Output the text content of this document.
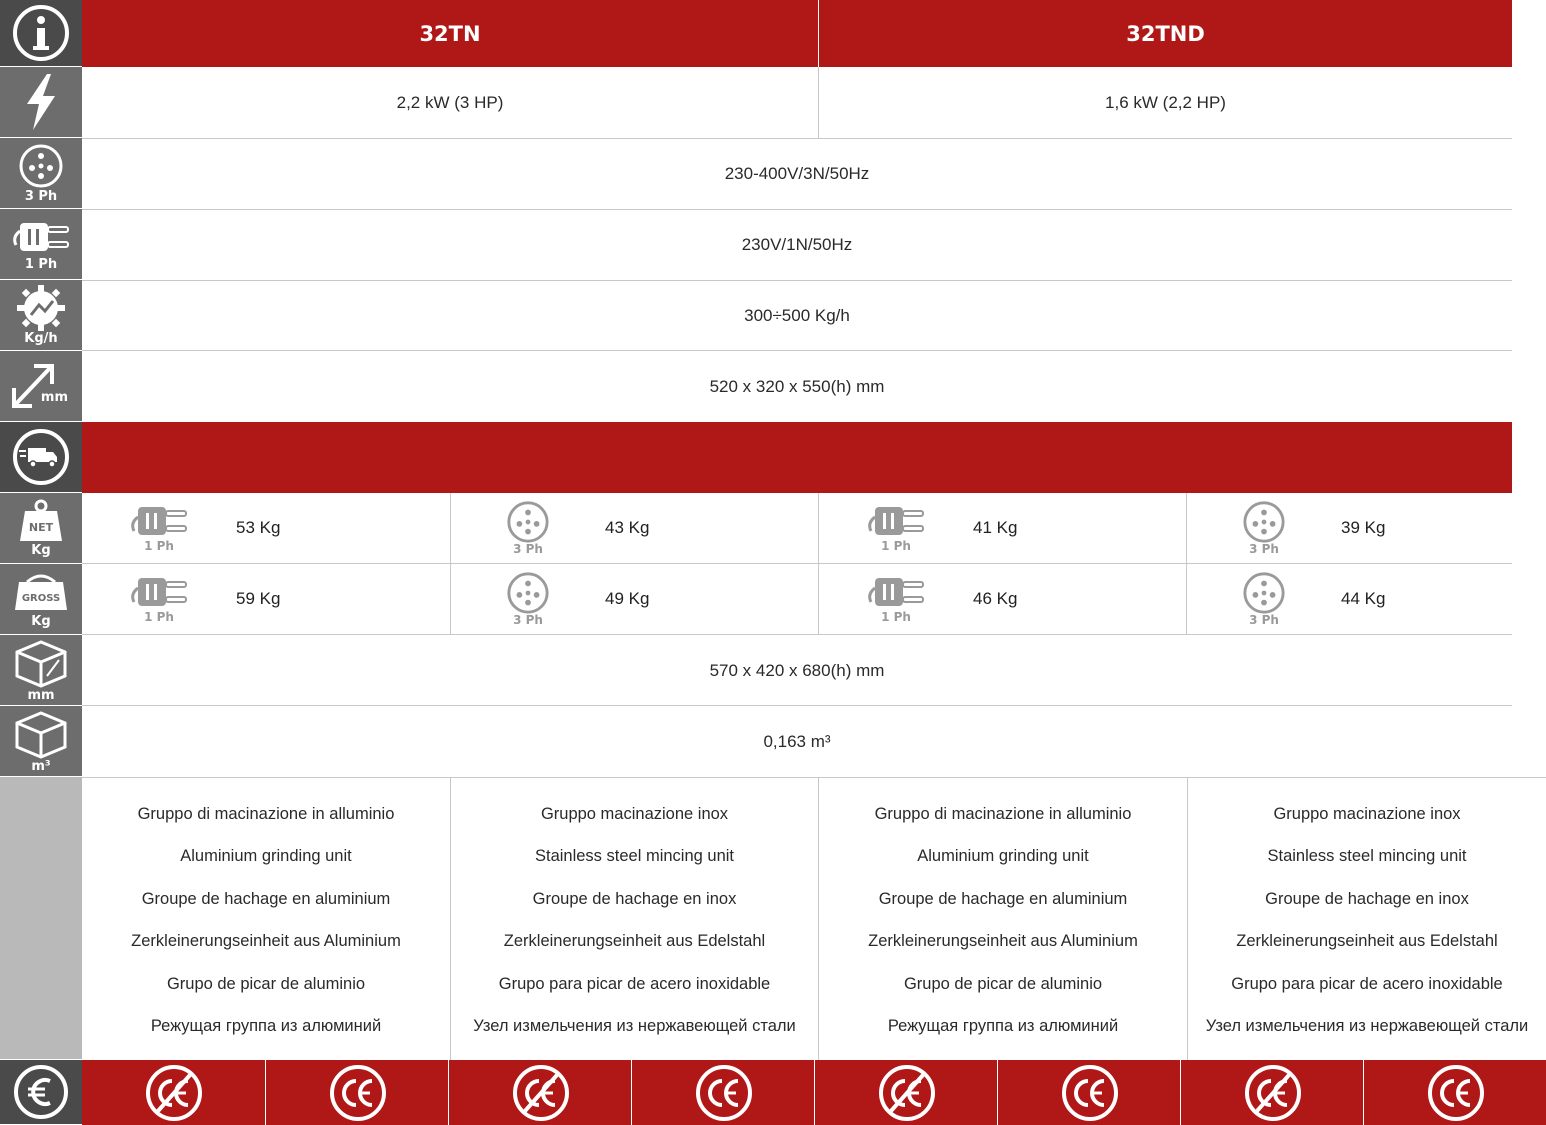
3 Ph
1 Ph
Kg/h
mm
NET
Kg
GROSS
Kg
mm
m³
32TN	32TND
2,2 kW (3 HP)	1,6 kW (2,2 HP)
230-400V/3N/50Hz
230V/1N/50Hz
300÷500 Kg/h
520 x 320 x 550(h) mm
1 Ph
53 Kg
3 Ph
43 Kg
1 Ph
41 Kg
3 Ph
39 Kg
1 Ph
59 Kg
3 Ph
49 Kg
1 Ph
46 Kg
3 Ph
44 Kg
570 x 420 x 680(h) mm
0,163 m³
Gruppo di macinazione in alluminio
Aluminium grinding unit
Groupe de hachage en aluminium
Zerkleinerungseinheit aus Aluminium
Grupo de picar de aluminio
Режущая группа из алюминий
Gruppo macinazione inox
Stainless steel mincing unit
Groupe de hachage en inox
Zerkleinerungseinheit aus Edelstahl
Grupo para picar de acero inoxidable
Узел измельчения из нержавеющей стали
Gruppo di macinazione in alluminio
Aluminium grinding unit
Groupe de hachage en aluminium
Zerkleinerungseinheit aus Aluminium
Grupo de picar de aluminio
Режущая группа из алюминий
Gruppo macinazione inox
Stainless steel mincing unit
Groupe de hachage en inox
Zerkleinerungseinheit aus Edelstahl
Grupo para picar de acero inoxidable
Узел измельчения из нержавеющей стали
